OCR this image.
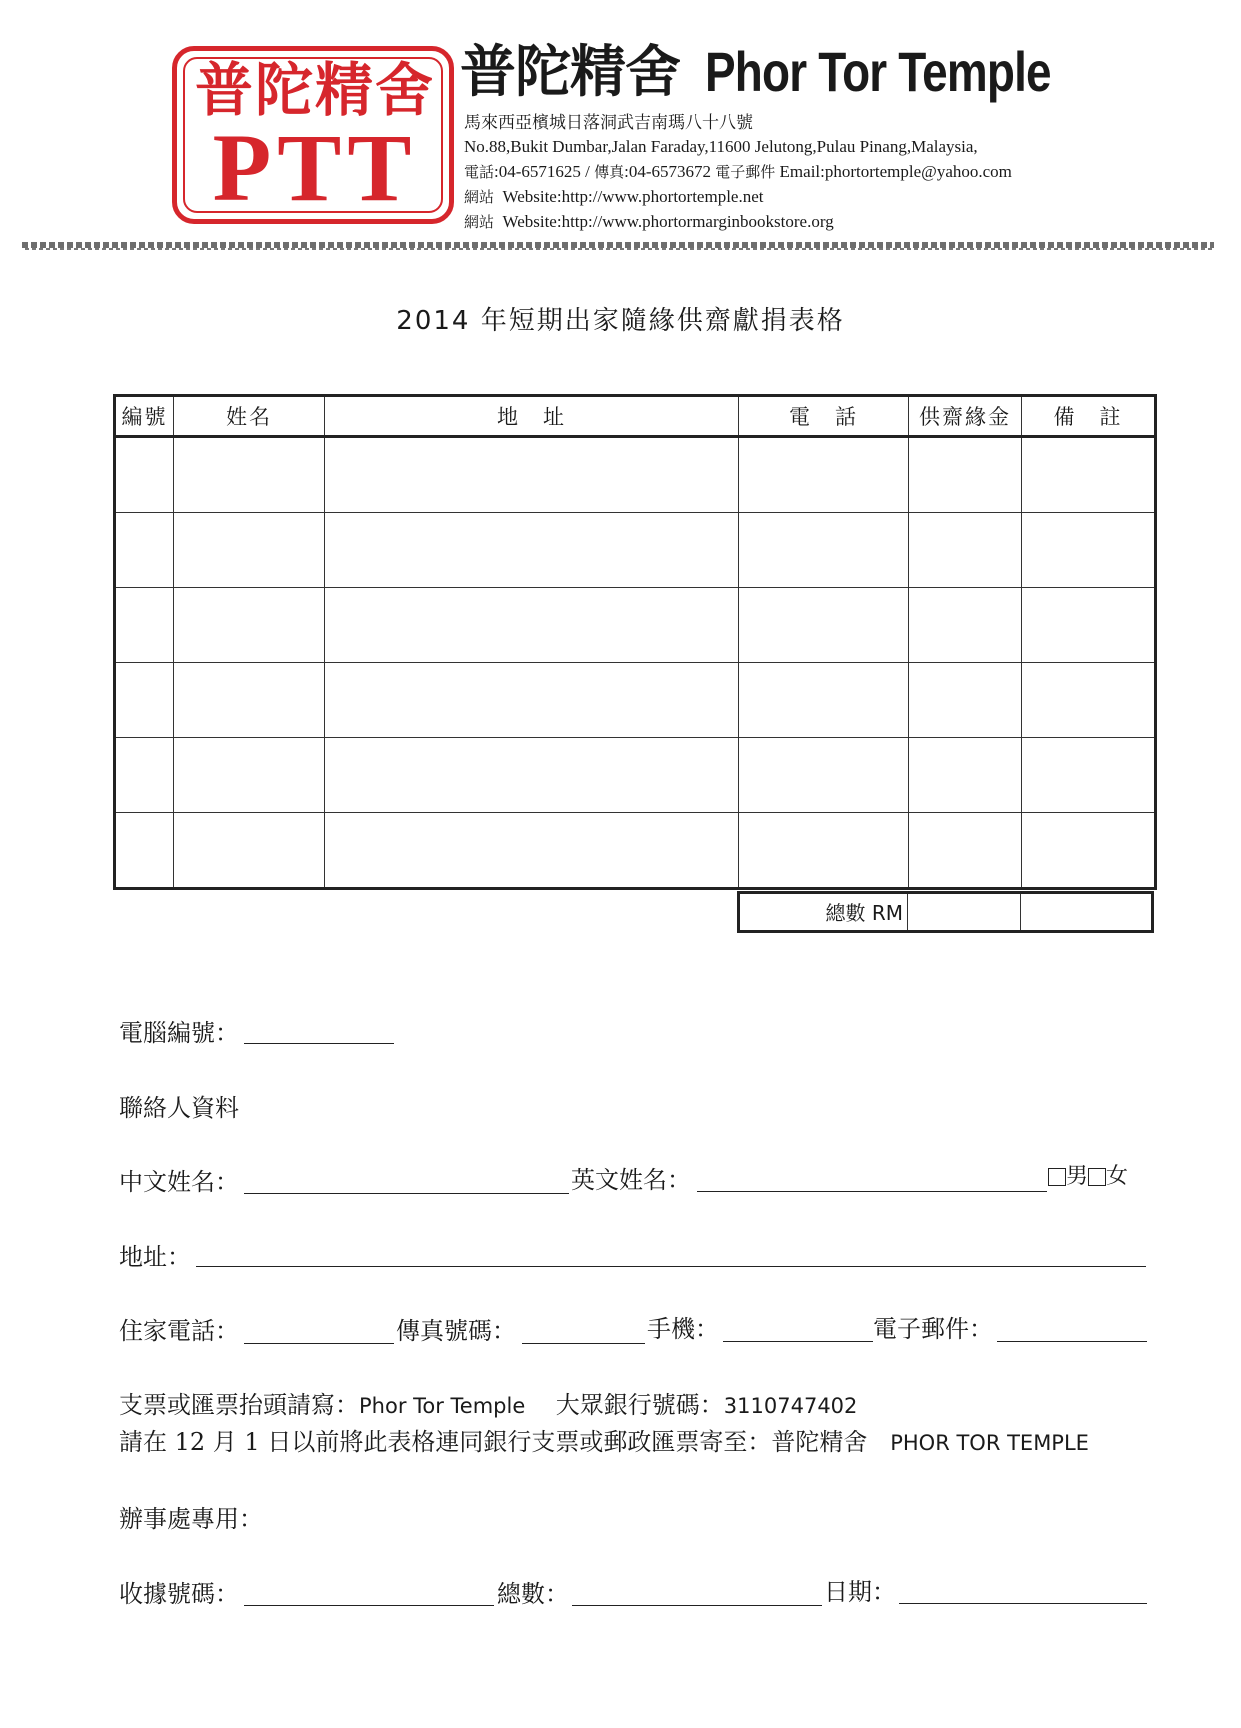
普陀精舍
PTT
普陀精舍 Phor Tor Temple
馬來西亞檳城日落洞武吉南瑪八十八號
No.88,Bukit Dumbar,Jalan Faraday,11600 Jelutong,Pulau Pinang,Malaysia,
電話:04-6571625 / 傳真:04-6573672 電子郵件 Email:phortortemple@yahoo.com
網站 Website:http://www.phortortemple.net
網站 Website:http://www.phortormarginbookstore.org
2014 年短期出家隨緣供齋獻捐表格
編號	姓名	地　址	電　話	供齋緣金	備　註

總數 RM
電腦編號：
聯絡人資料
中文姓名：	英文姓名：	男 女
地址：
住家電話：	傳真號碼：	手機：	電子郵件：
支票或匯票抬頭請寫：Phor Tor Temple 大眾銀行號碼：3110747402
請在 12 月 1 日以前將此表格連同銀行支票或郵政匯票寄至：普陀精舍 PHOR TOR TEMPLE
辦事處專用：
收據號碼：	總數：	日期：
